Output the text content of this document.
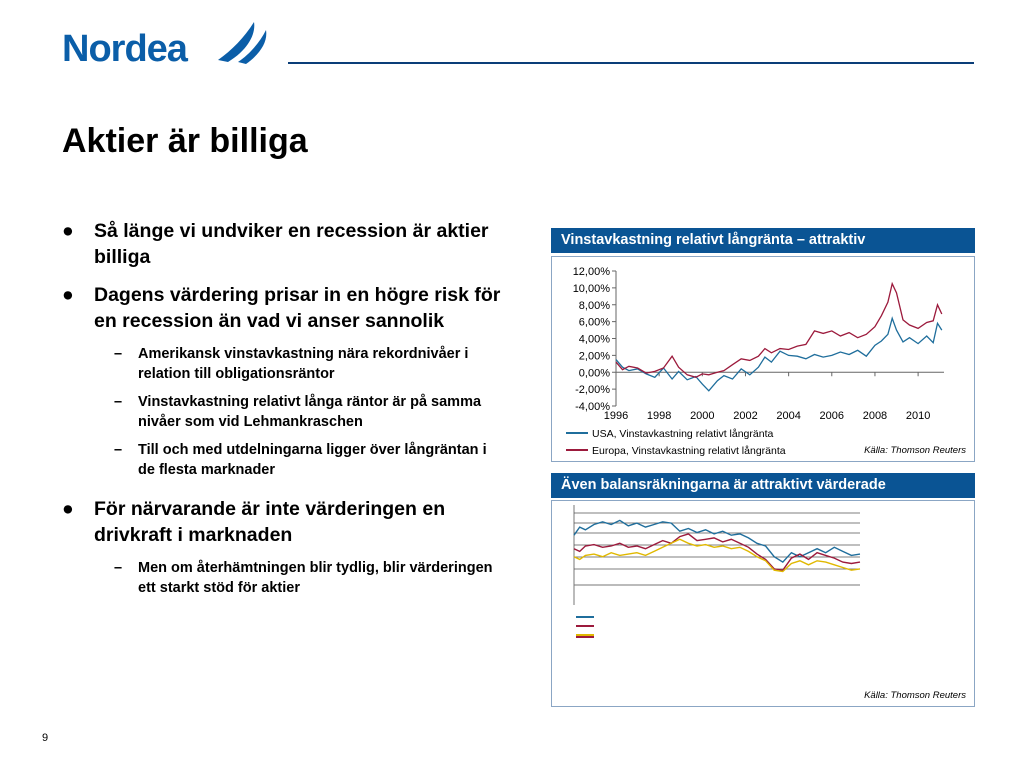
Nordea
Aktier är billiga
● Så länge vi undviker en recession är aktier billiga
● Dagens värdering prisar in en högre risk för en recession än vad vi anser sannolik
– Amerikansk vinstavkastning nära rekordnivåer i relation till obligationsräntor
– Vinstavkastning relativt långa räntor är på samma nivåer som vid Lehmankraschen
– Till och med utdelningarna ligger över långräntan i de flesta marknader
● För närvarande är inte värderingen en drivkraft i marknaden
– Men om återhämtningen blir tydlig, blir värderingen ett starkt stöd för aktier
Vinstavkastning relativt långränta – attraktiv
12,00%
10,00%
8,00%
6,00%
4,00%
2,00%
0,00%
-2,00%
-4,00%
1996 1998 2000 2002 2004 2006 2008 2010
USA, Vinstavkastning relativt långränta
Europa, Vinstavkastning relativt långränta	Källa: Thomson Reuters
Även balansräkningarna är attraktivt värderade
Källa: Thomson Reuters
9
